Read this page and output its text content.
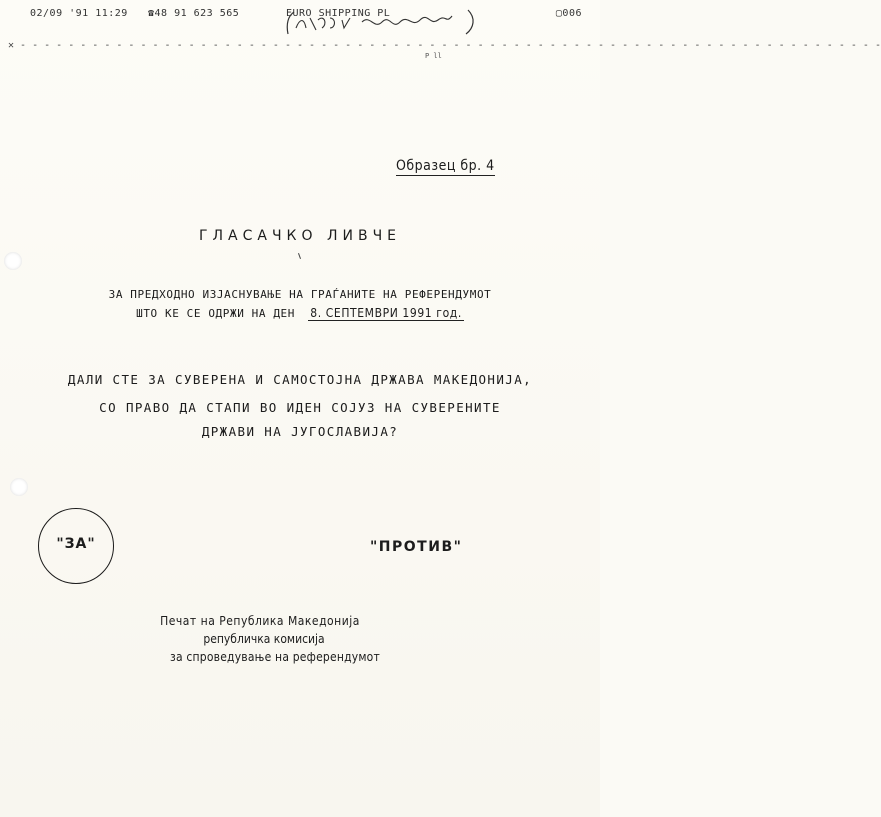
02/09 '91 11:29 ☎48 91 623 565	EURO SHIPPING PL	▢006
✕ - - - - - - - - - - - - - - - - - - - - - - - - - - - - - - - - - - - - - - - - - - - - - - - - - - - - - - - - - - - - - - - - - - - - - - - -
P ll
Образец бр. 4
ГЛАСАЧКО ЛИВЧЕ
ЗА ПРЕДХОДНО ИЗЈАСНУВАЊЕ НА ГРАЃАНИТЕ НА РЕФЕРЕНДУМОТ
ШТО КЕ СЕ ОДРЖИ НА ДЕН 8. СЕПТЕМВРИ 1991 год.
ДАЛИ СТЕ ЗА СУВЕРЕНА И САМОСТОЈНА ДРЖАВА МАКЕДОНИЈА,
СО ПРАВО ДА СТАПИ ВО ИДЕН СОЈУЗ НА СУВЕРЕНИТЕ
ДРЖАВИ НА ЈУГОСЛАВИЈА?
"ЗА"	"ПРОТИВ"
Печат на Република Македонија
републичка комисија
за спроведување на референдумот
